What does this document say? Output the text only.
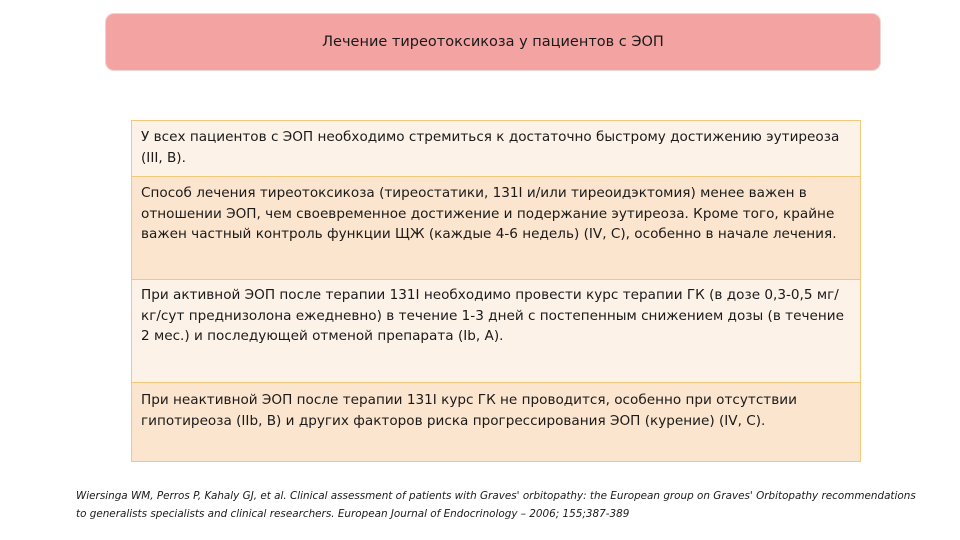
Лечение тиреотоксикоза у пациентов с ЭОП
У всех пациентов с ЭОП необходимо стремиться к достаточно быстрому достижению эутиреоза (III, B).
Способ лечения тиреотоксикоза (тиреостатики, 131I и/или тиреоидэктомия) менее важен в отношении ЭОП, чем своевременное достижение и подержание эутиреоза. Кроме того, крайне важен частный контроль функции ЩЖ (каждые 4-6 недель) (IV, C), особенно в начале лечения.
При активной ЭОП после терапии 131I необходимо провести курс терапии ГК (в дозе 0,3-0,5 мг/кг/сут преднизолона ежедневно) в течение 1-3 дней с постепенным снижением дозы (в течение 2 мес.) и последующей отменой препарата (Ib, A).
При неактивной ЭОП после терапии 131I курс ГК не проводится, особенно при отсутствии гипотиреоза (IIb, B) и других факторов риска прогрессирования ЭОП (курение) (IV, C).
Wiersinga WM, Perros P, Kahaly GJ, et al. Clinical assessment of patients with Graves' orbitopathy: the European group on Graves' Orbitopathy recommendations to generalists specialists and clinical researchers. European Journal of Endocrinology – 2006; 155;387-389
